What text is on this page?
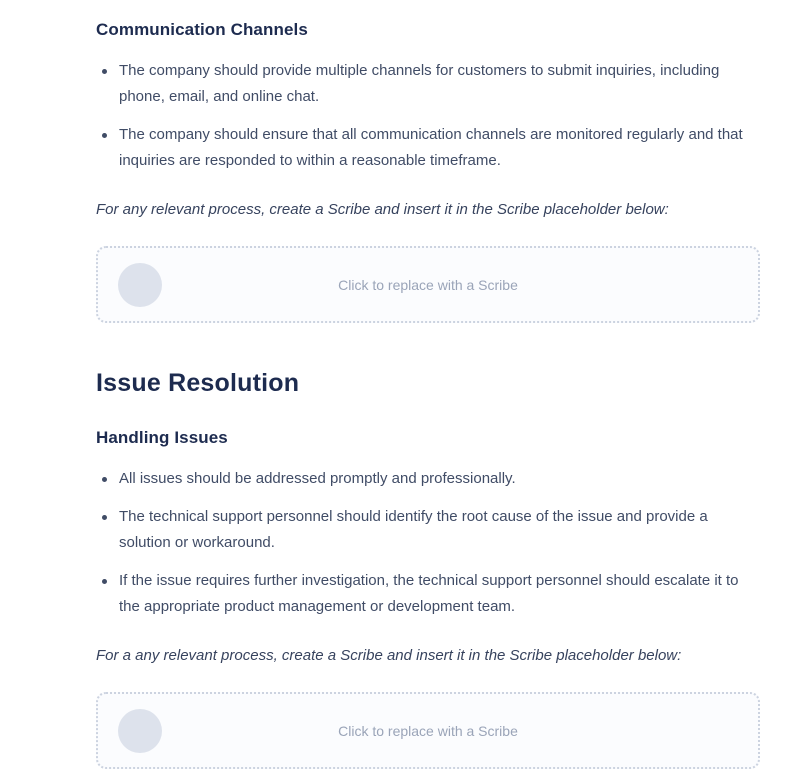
Communication Channels
The company should provide multiple channels for customers to submit inquiries, including phone, email, and online chat.
The company should ensure that all communication channels are monitored regularly and that inquiries are responded to within a reasonable timeframe.

For any relevant process, create a Scribe and insert it in the Scribe placeholder below:

Click to replace with a Scribe
Issue Resolution
Handling Issues
All issues should be addressed promptly and professionally.
The technical support personnel should identify the root cause of the issue and provide a solution or workaround.
If the issue requires further investigation, the technical support personnel should escalate it to the appropriate product management or development team.

For a any relevant process, create a Scribe and insert it in the Scribe placeholder below:

Click to replace with a Scribe
